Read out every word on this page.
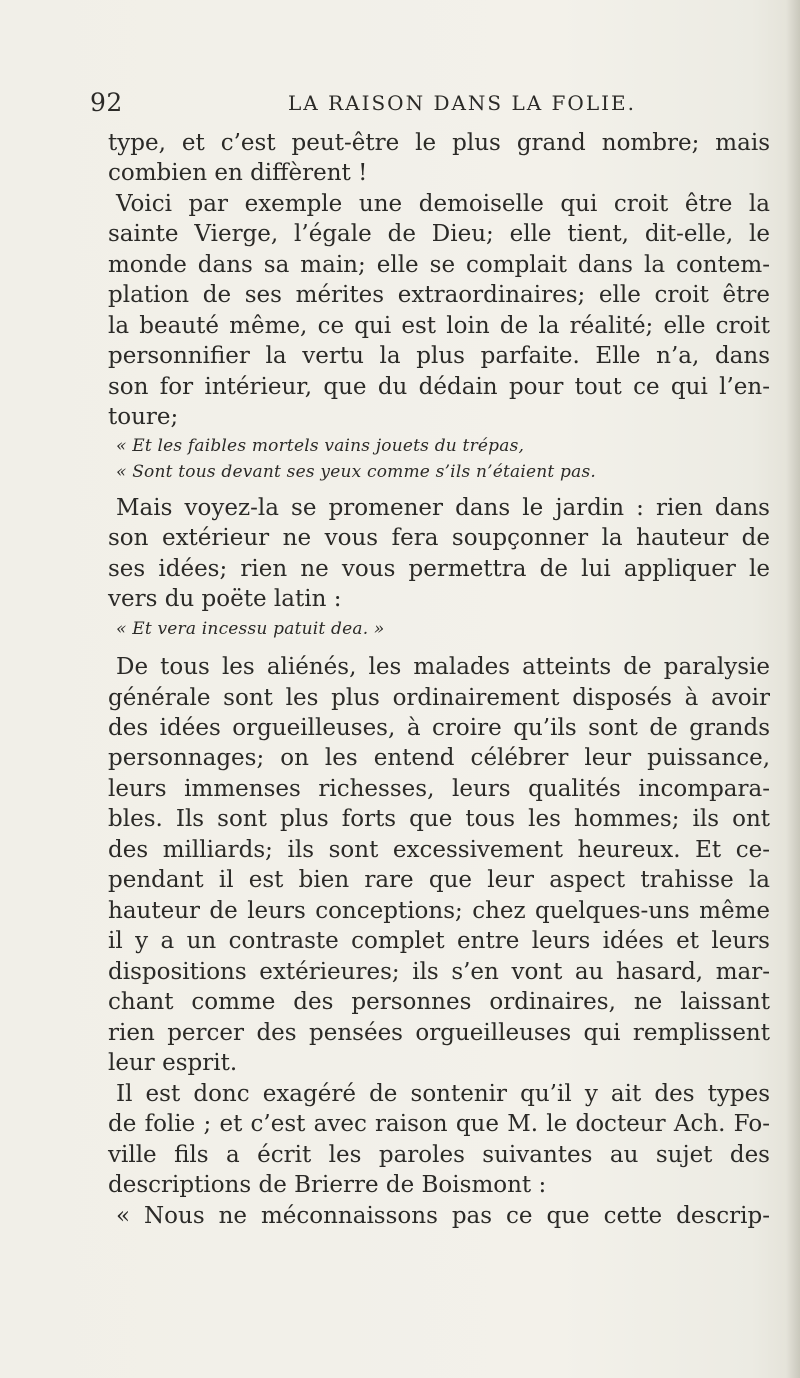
92	LA RAISON DANS LA FOLIE.
type, et c’est peut-être le plus grand nombre; mais
combien en diffèrent !
Voici par exemple une demoiselle qui croit être la
sainte Vierge, l’égale de Dieu; elle tient, dit-elle, le
monde dans sa main; elle se complait dans la contem-
plation de ses mérites extraordinaires; elle croit être
la beauté même, ce qui est loin de la réalité; elle croit
personnifier la vertu la plus parfaite. Elle n’a, dans
son for intérieur, que du dédain pour tout ce qui l’en-
toure;
« Et les faibles mortels vains jouets du trépas,
« Sont tous devant ses yeux comme s’ils n’étaient pas.
Mais voyez-la se promener dans le jardin : rien dans
son extérieur ne vous fera soupçonner la hauteur de
ses idées; rien ne vous permettra de lui appliquer le
vers du poëte latin :
« Et vera incessu patuit dea. »
De tous les aliénés, les malades atteints de paralysie
générale sont les plus ordinairement disposés à avoir
des idées orgueilleuses, à croire qu’ils sont de grands
personnages; on les entend célébrer leur puissance,
leurs immenses richesses, leurs qualités incompara-
bles. Ils sont plus forts que tous les hommes; ils ont
des milliards; ils sont excessivement heureux. Et ce-
pendant il est bien rare que leur aspect trahisse la
hauteur de leurs conceptions; chez quelques-uns même
il y a un contraste complet entre leurs idées et leurs
dispositions extérieures; ils s’en vont au hasard, mar-
chant comme des personnes ordinaires, ne laissant
rien percer des pensées orgueilleuses qui remplissent
leur esprit.
Il est donc exagéré de sontenir qu’il y ait des types
de folie ; et c’est avec raison que M. le docteur Ach. Fo-
ville fils a écrit les paroles suivantes au sujet des
descriptions de Brierre de Boismont :
« Nous ne méconnaissons pas ce que cette descrip-
